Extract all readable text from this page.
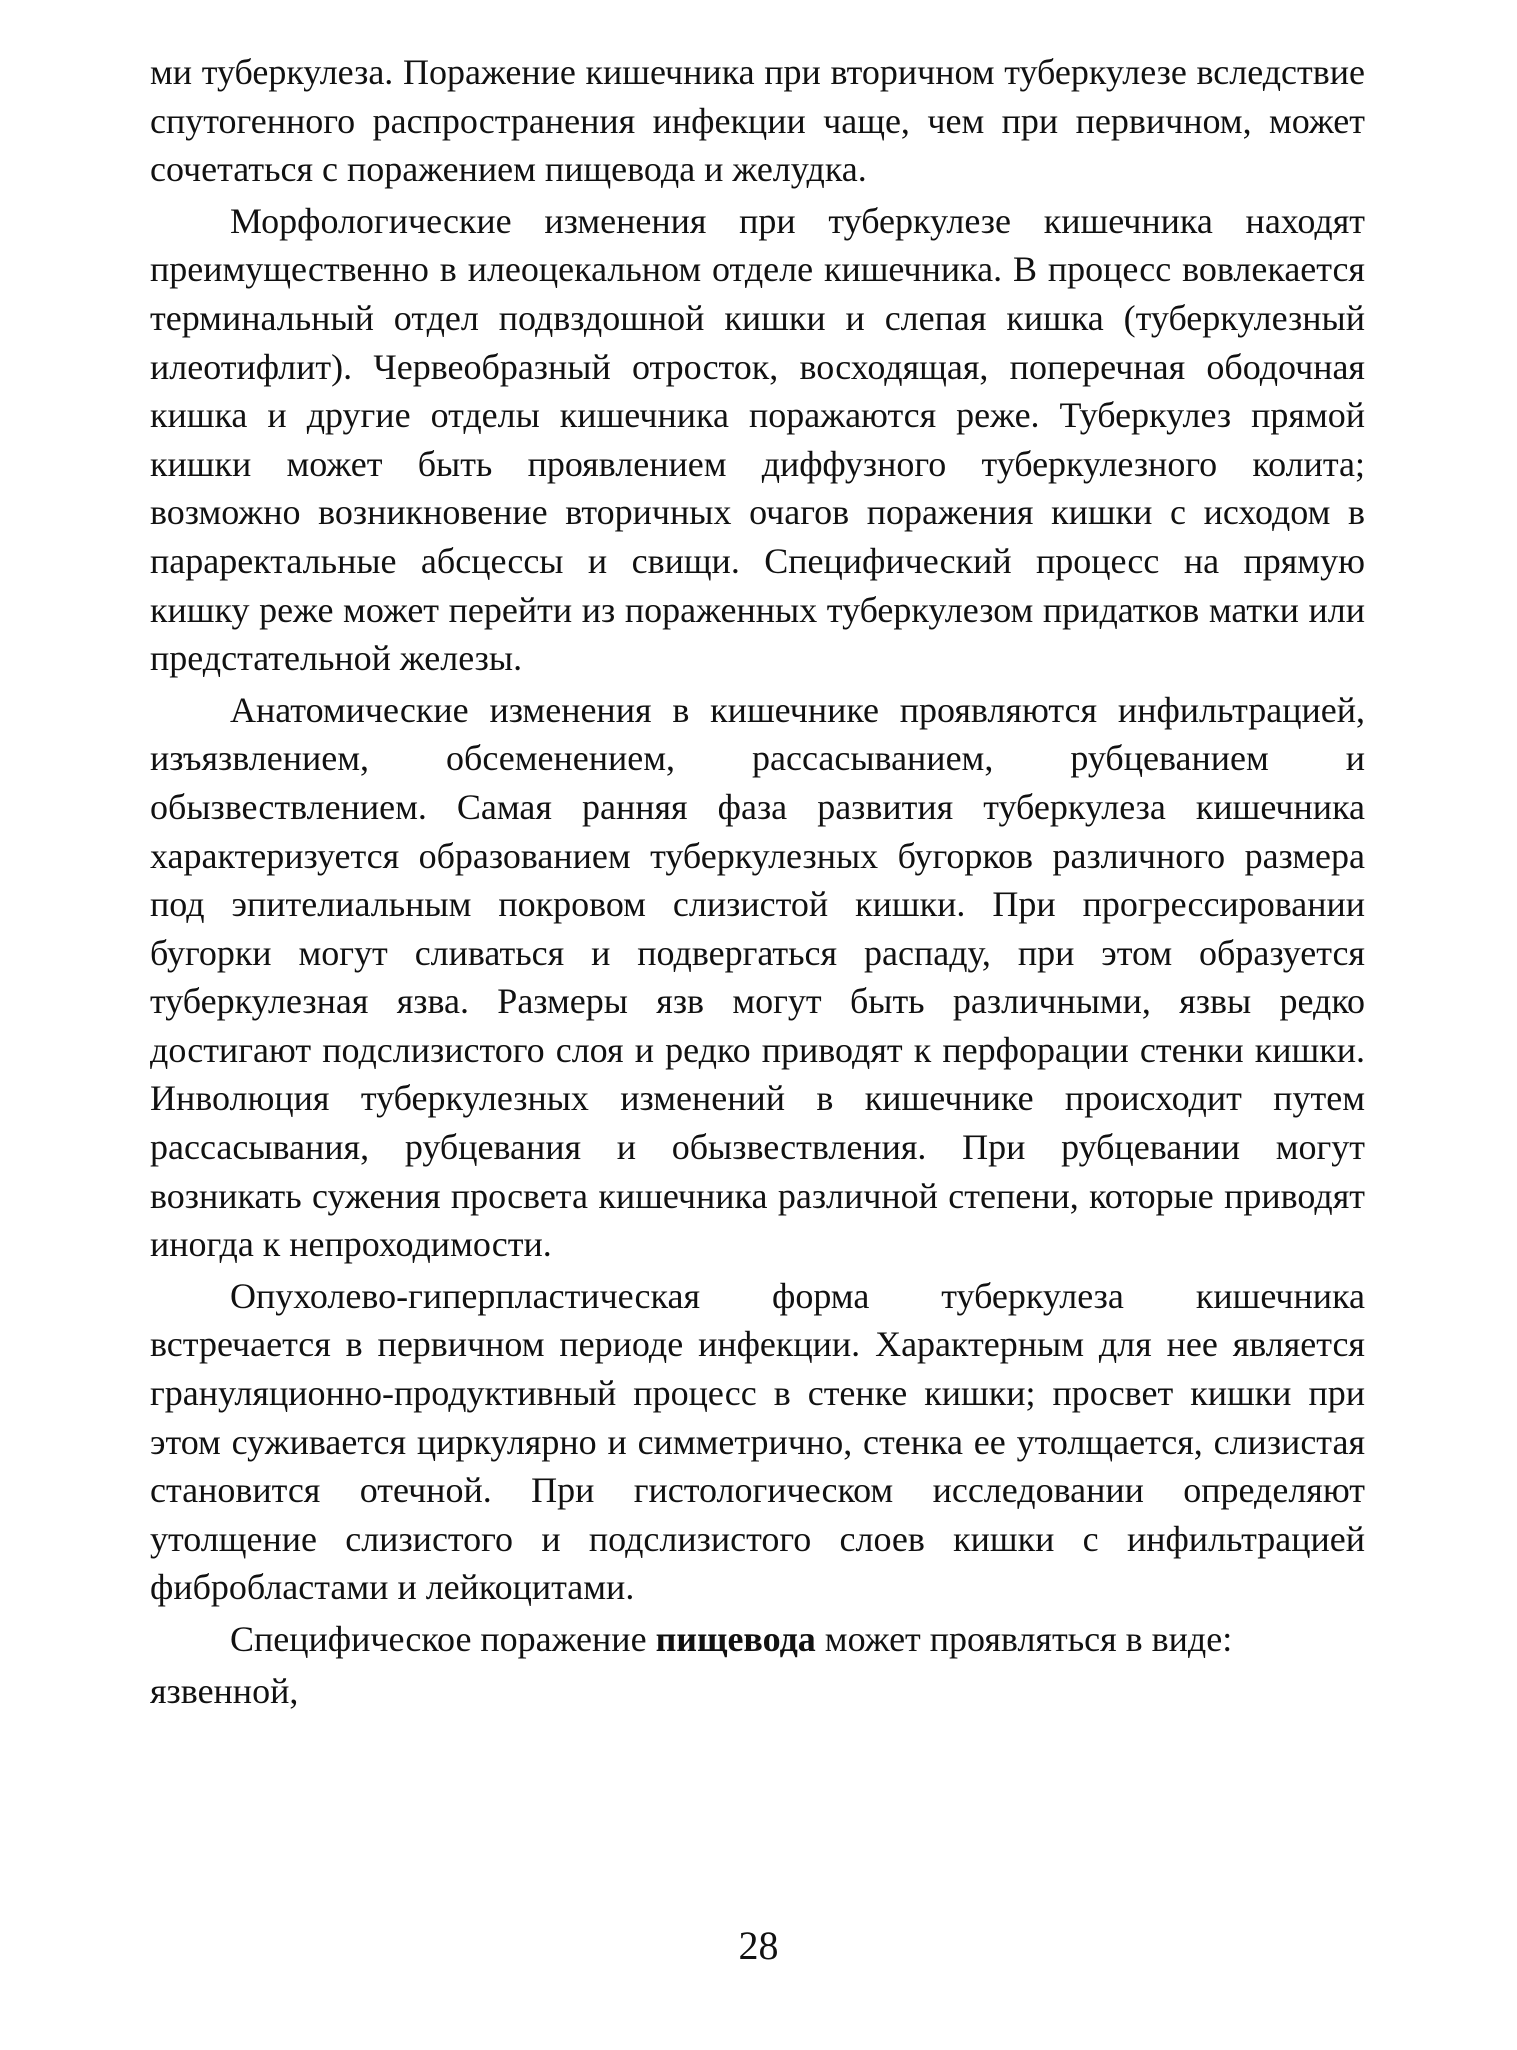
ми туберкулеза. Поражение кишечника при вторичном туберкулезе вследствие спутогенного распространения инфекции чаще, чем при первичном, может сочетаться с поражением пищевода и желудка.

Морфологические изменения при туберкулезе кишечника находят преимущественно в илеоцекальном отделе кишечника. В процесс вовлекается терминальный отдел подвздошной кишки и слепая кишка (туберкулезный илеотифлит). Червеобразный отросток, восходящая, поперечная ободочная кишка и другие отделы кишечника поражаются реже. Туберкулез прямой кишки может быть проявлением диффузного туберкулезного колита; возможно возникновение вторичных очагов поражения кишки с исходом в параректальные абсцессы и свищи. Специфический процесс на прямую кишку реже может перейти из пораженных туберкулезом придатков матки или предстательной железы.

Анатомические изменения в кишечнике проявляются инфильтрацией, изъязвлением, обсеменением, рассасыванием, рубцеванием и обызвествлением. Самая ранняя фаза развития туберкулеза кишечника характеризуется образованием туберкулезных бугорков различного размера под эпителиальным покровом слизистой кишки. При прогрессировании бугорки могут сливаться и подвергаться распаду, при этом образуется туберкулезная язва. Размеры язв могут быть различными, язвы редко достигают подслизистого слоя и редко приводят к перфорации стенки кишки. Инволюция туберкулезных изменений в кишечнике происходит путем рассасывания, рубцевания и обызвествления. При рубцевании могут возникать сужения просвета кишечника различной степени, которые приводят иногда к непроходимости.

Опухолево-гиперпластическая форма туберкулеза кишечника встречается в первичном периоде инфекции. Характерным для нее является грануляционно-продуктивный процесс в стенке кишки; просвет кишки при этом суживается циркулярно и симметрично, стенка ее утолщается, слизистая становится отечной. При гистологическом исследовании определяют утолщение слизистого и подслизистого слоев кишки с инфильтрацией фибробластами и лейкоцитами.

Специфическое поражение пищевода может проявляться в виде:

язвенной,

28
